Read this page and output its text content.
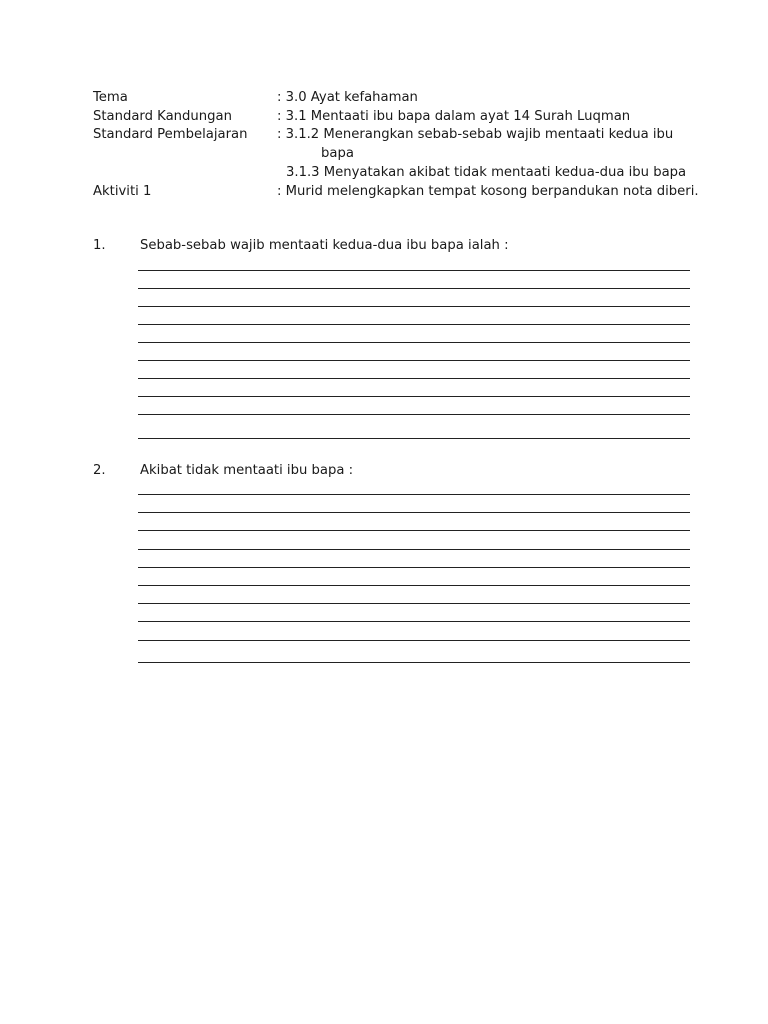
Tema	: 3.0 Ayat kefahaman
Standard Kandungan	: 3.1 Mentaati ibu bapa dalam ayat 14 Surah Luqman
Standard Pembelajaran : 3.1.2 Menerangkan sebab-sebab wajib mentaati kedua ibu
bapa
3.1.3 Menyatakan akibat tidak mentaati kedua-dua ibu bapa
Aktiviti 1	: Murid melengkapkan tempat kosong berpandukan nota diberi.
1.	Sebab-sebab wajib mentaati kedua-dua ibu bapa ialah :
2.	Akibat tidak mentaati ibu bapa :
